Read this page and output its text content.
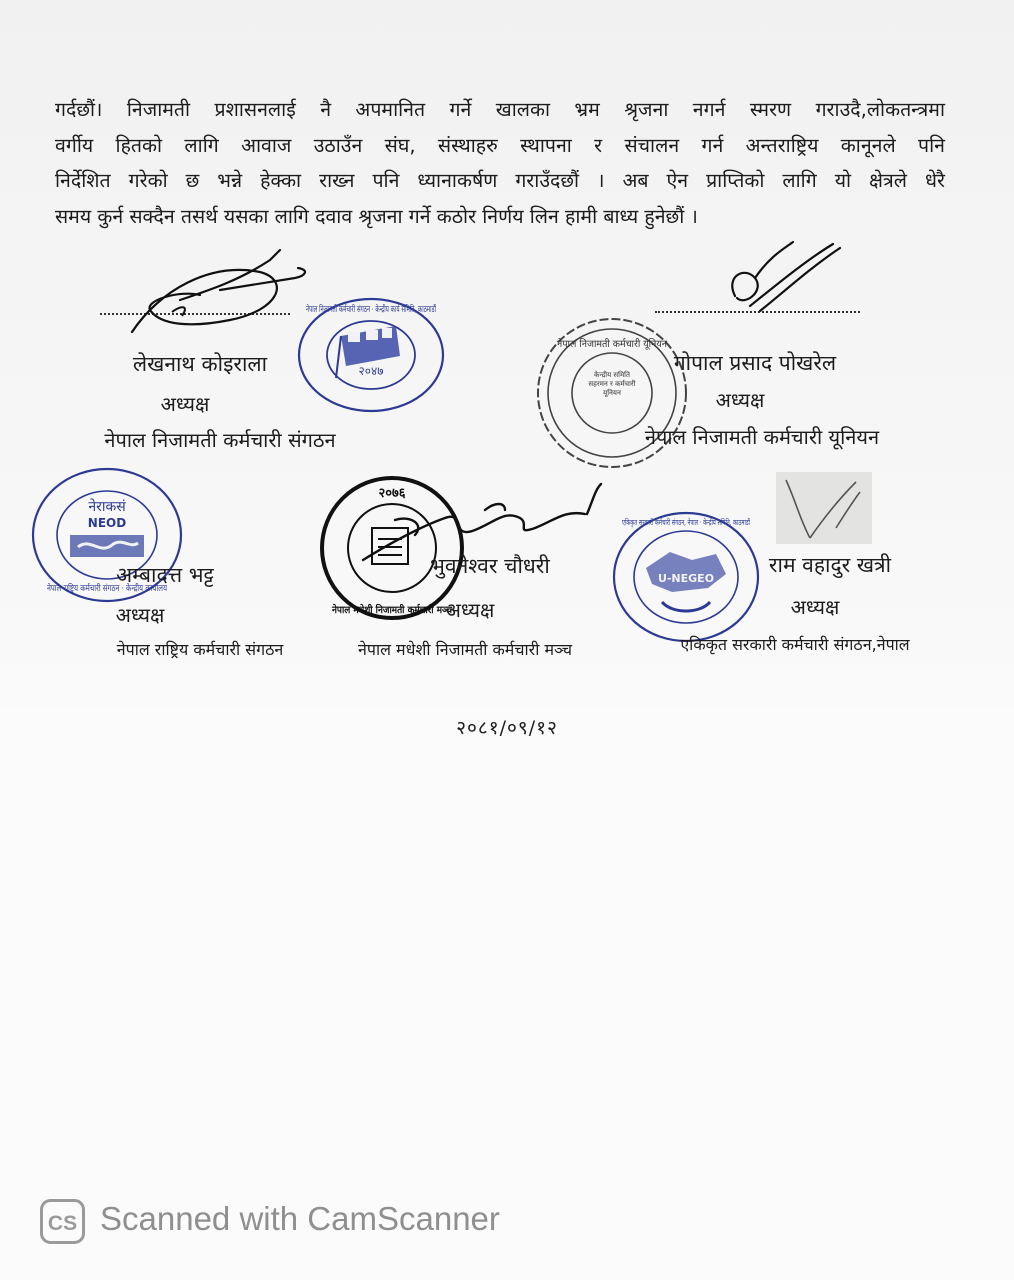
गर्दछौं। निजामती प्रशासनलाई नै अपमानित गर्ने खालका भ्रम श्रृजना नगर्न स्मरण गराउदै,लोकतन्त्रमा
वर्गीय हितको लागि आवाज उठाउँन संघ, संस्थाहरु स्थापना र संचालन गर्न अन्तराष्ट्रिय कानूनले पनि
निर्देशित गरेको छ भन्ने हेक्का राख्न पनि ध्यानाकर्षण गराउँदछौं । अब ऐन प्राप्तिको लागि यो क्षेत्रले धेरै
समय कुर्न सक्दैन तसर्थ यसका लागि दवाव श्रृजना गर्ने कठोर निर्णय लिन हामी बाध्य हुनेछौं ।
२०४७
नेपाल निजामती कर्मचारी संगठन · केन्द्रीय कार्य समिति, काठमाडौं
लेखनाथ कोइराला
अध्यक्ष
नेपाल निजामती कर्मचारी संगठन
नेपाल निजामती कर्मचारी यूनियन
केन्द्रीय समिति सहरमन र कर्मचारी यूनियन
गोपाल प्रसाद पोखरेल
अध्यक्ष
नेपाल निजामती कर्मचारी यूनियन
नेराकसं
NEOD
नेपाल राष्ट्रिय कर्मचारी संगठन · केन्द्रीय कार्यालय
अम्बादत्त भट्ट
अध्यक्ष
नेपाल राष्ट्रिय कर्मचारी संगठन
२०७६
नेपाल मधेशी निजामती कर्मचारी मञ्च
भुवनेश्वर चौधरी
अध्यक्ष
नेपाल मधेशी निजामती कर्मचारी मञ्च
U-NEGEO
एकिकृत सरकारी कर्मचारी संगठन, नेपाल · केन्द्रीय समिति, काठमाडौं
राम वहादुर खत्री
अध्यक्ष
एकिकृत सरकारी कर्मचारी संगठन,नेपाल
२०८१/०९/१२
CS Scanned with CamScanner
